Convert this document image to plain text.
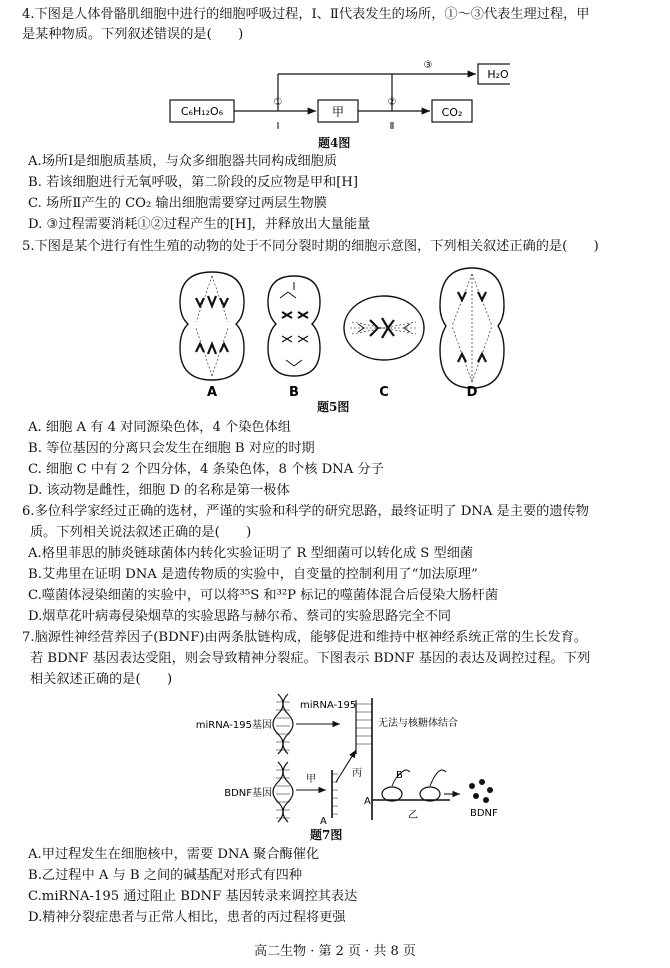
4.下图是人体骨骼肌细胞中进行的细胞呼吸过程，Ⅰ、Ⅱ代表发生的场所，①～③代表生理过程，甲
是某种物质。下列叙述错误的是(　　)
C₆H₁₂O₆	甲	CO₂
H₂O
①	②
③
Ⅰ	Ⅱ
题4图
A.场所Ⅰ是细胞质基质，与众多细胞器共同构成细胞质
B. 若该细胞进行无氧呼吸，第二阶段的反应物是甲和[H]
C. 场所Ⅱ产生的 CO₂ 输出细胞需要穿过两层生物膜
D. ③过程需要消耗①②过程产生的[H]，并释放出大量能量
5.下图是某个进行有性生殖的动物的处于不同分裂时期的细胞示意图，下列相关叙述正确的是(　　)
A	B	C	D
题5图
A. 细胞 A 有 4 对同源染色体，4 个染色体组
B. 等位基因的分离只会发生在细胞 B 对应的时期
C. 细胞 C 中有 2 个四分体，4 条染色体，8 个核 DNA 分子
D. 该动物是雌性，细胞 D 的名称是第一极体
6.多位科学家经过正确的选材，严谨的实验和科学的研究思路，最终证明了 DNA 是主要的遗传物
质。下列相关说法叙述正确的是(　　)
A.格里菲思的肺炎链球菌体内转化实验证明了 R 型细菌可以转化成 S 型细菌
B.艾弗里在证明 DNA 是遗传物质的实验中，自变量的控制利用了“加法原理”
C.噬菌体浸染细菌的实验中，可以将³⁵S 和³²P 标记的噬菌体混合后侵染大肠杆菌
D.烟草花叶病毒侵染烟草的实验思路与赫尔希、蔡司的实验思路完全不同
7.脑源性神经营养因子(BDNF)由两条肽链构成，能够促进和维持中枢神经系统正常的生长发育。
若 BDNF 基因表达受阻，则会导致精神分裂症。下图表示 BDNF 基因的表达及调控过程。下列
相关叙述正确的是(　　)
miRNA-195基因
miRNA-195
无法与核糖体结合
丙
BDNF基因
甲
A
A
B
乙	BDNF
题7图
A.甲过程发生在细胞核中，需要 DNA 聚合酶催化
B.乙过程中 A 与 B 之间的碱基配对形式有四种
C.miRNA-195 通过阻止 BDNF 基因转录来调控其表达
D.精神分裂症患者与正常人相比，患者的丙过程将更强
高二生物 · 第 2 页 · 共 8 页
